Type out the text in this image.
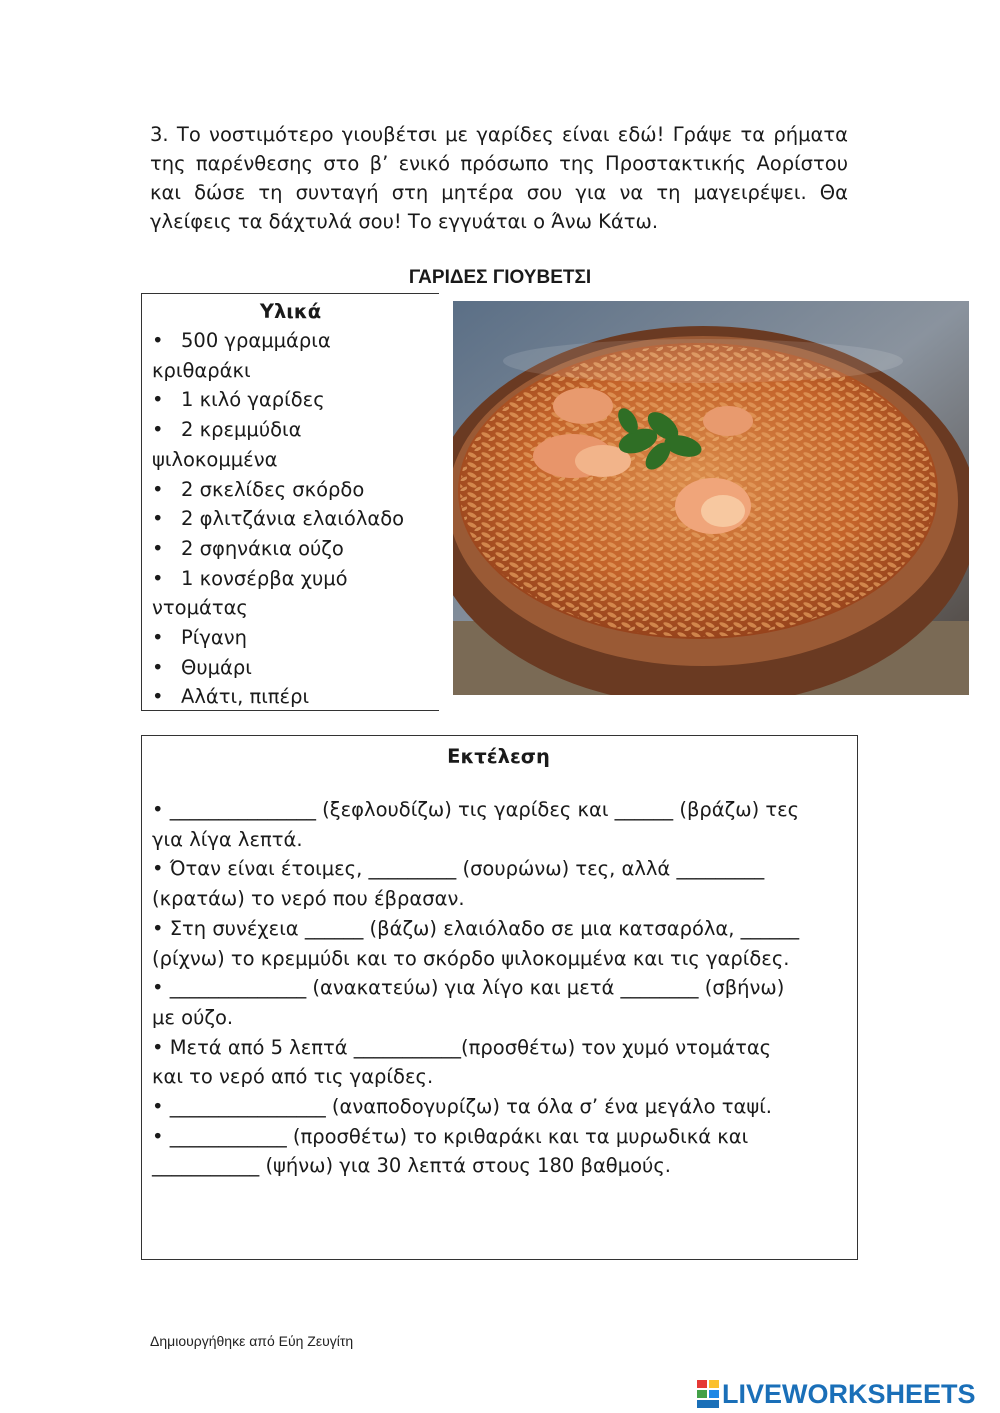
3. Το νοστιμότερο γιουβέτσι με γαρίδες είναι εδώ! Γράψε τα ρήματα της παρένθεσης στο β’ ενικό πρόσωπο της Προστακτικής Αορίστου και δώσε τη συνταγή στη μητέρα σου για να τη μαγειρέψει. Θα γλείφεις τα δάχτυλά σου! Το εγγυάται ο Άνω Κάτω.

ΓΑΡΙΔΕΣ ΓΙΟΥΒΕΤΣΙ
Υλικά
• 500 γραμμάρια
κριθαράκι
• 1 κιλό γαρίδες
• 2 κρεμμύδια
ψιλοκομμένα
• 2 σκελίδες σκόρδο
• 2 φλιτζάνια ελαιόλαδο
• 2 σφηνάκια ούζο
• 1 κονσέρβα χυμό
ντομάτας
• Ρίγανη
• Θυμάρι
• Αλάτι, πιπέρι
Εκτέλεση

• _______________ (ξεφλουδίζω) τις γαρίδες και ______ (βράζω) τες

για λίγα λεπτά.

• Όταν είναι έτοιμες, _________ (σουρώνω) τες, αλλά _________

(κρατάω) το νερό που έβρασαν.

• Στη συνέχεια ______ (βάζω) ελαιόλαδο σε μια κατσαρόλα, ______

(ρίχνω) το κρεμμύδι και το σκόρδο ψιλοκομμένα και τις γαρίδες.

• ______________ (ανακατεύω) για λίγο και μετά ________ (σβήνω)

με ούζο.

• Μετά από 5 λεπτά ___________(προσθέτω) τον χυμό ντομάτας

και το νερό από τις γαρίδες.

• ________________ (αναποδογυρίζω) τα όλα σ’ ένα μεγάλο ταψί.

• ____________ (προσθέτω) το κριθαράκι και τα μυρωδικά και

___________ (ψήνω) για 30 λεπτά στους 180 βαθμούς.

Δημιουργήθηκε από Εύη Ζευγίτη
LIVEWORKSHEETS
